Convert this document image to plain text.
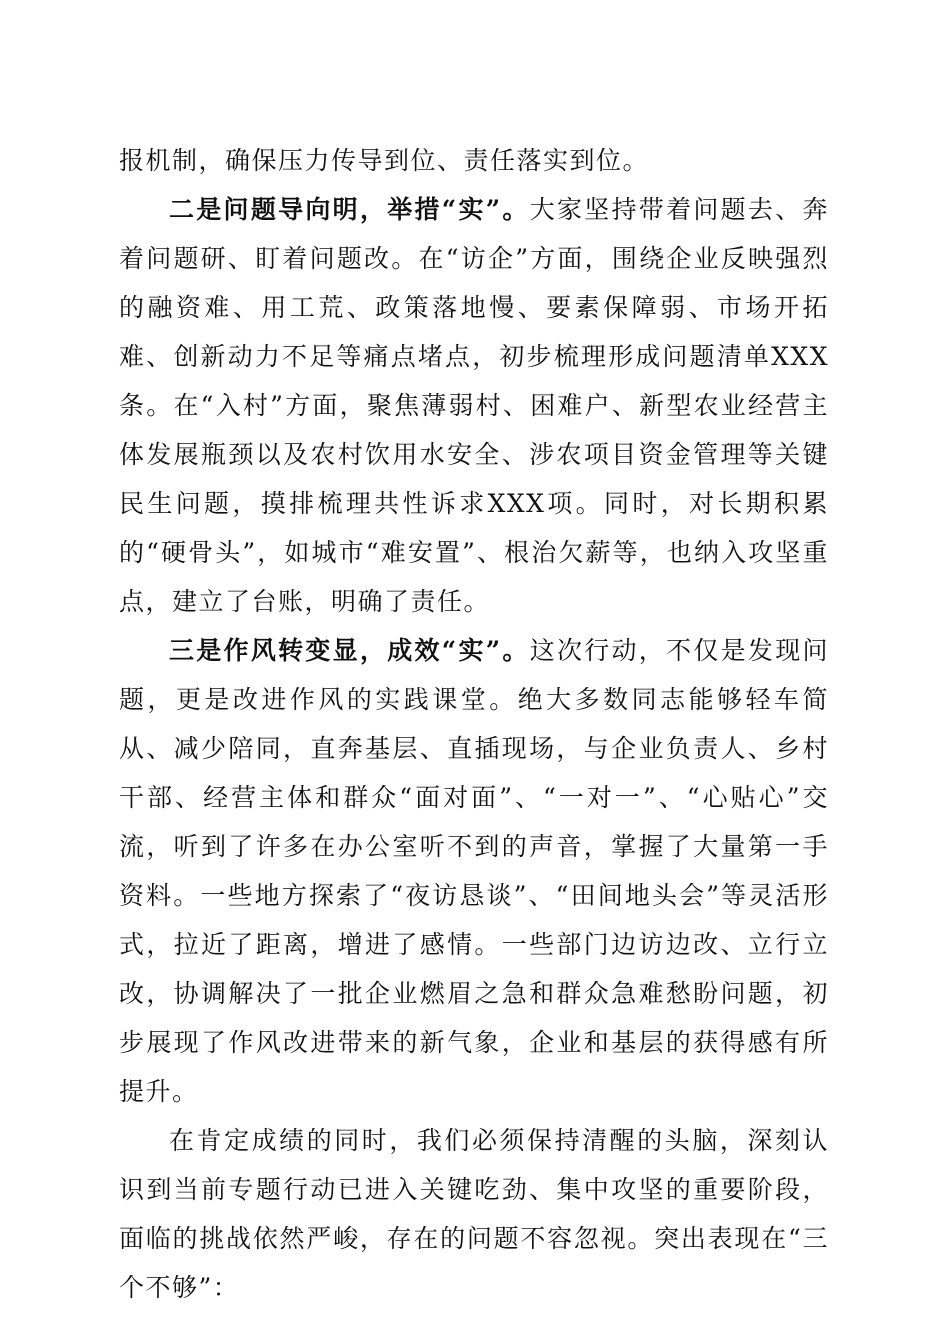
报机制，确保压力传导到位、责任落实到位。

二是问题导向明，举措“实”。大家坚持带着问题去、奔着问题研、盯着问题改。在“访企”方面，围绕企业反映强烈的融资难、用工荒、政策落地慢、要素保障弱、市场开拓难、创新动力不足等痛点堵点，初步梳理形成问题清单XXX条。在“入村”方面，聚焦薄弱村、困难户、新型农业经营主体发展瓶颈以及农村饮用水安全、涉农项目资金管理等关键民生问题，摸排梳理共性诉求XXX项。同时，对长期积累的“硬骨头”，如城市“难安置”、根治欠薪等，也纳入攻坚重点，建立了台账，明确了责任。

三是作风转变显，成效“实”。这次行动，不仅是发现问题，更是改进作风的实践课堂。绝大多数同志能够轻车简从、减少陪同，直奔基层、直插现场，与企业负责人、乡村干部、经营主体和群众“面对面”、“一对一”、“心贴心”交流，听到了许多在办公室听不到的声音，掌握了大量第一手资料。一些地方探索了“夜访恳谈”、“田间地头会”等灵活形式，拉近了距离，增进了感情。一些部门边访边改、立行立改，协调解决了一批企业燃眉之急和群众急难愁盼问题，初步展现了作风改进带来的新气象，企业和基层的获得感有所提升。

在肯定成绩的同时，我们必须保持清醒的头脑，深刻认识到当前专题行动已进入关键吃劲、集中攻坚的重要阶段，面临的挑战依然严峻，存在的问题不容忽视。突出表现在“三个不够”：
